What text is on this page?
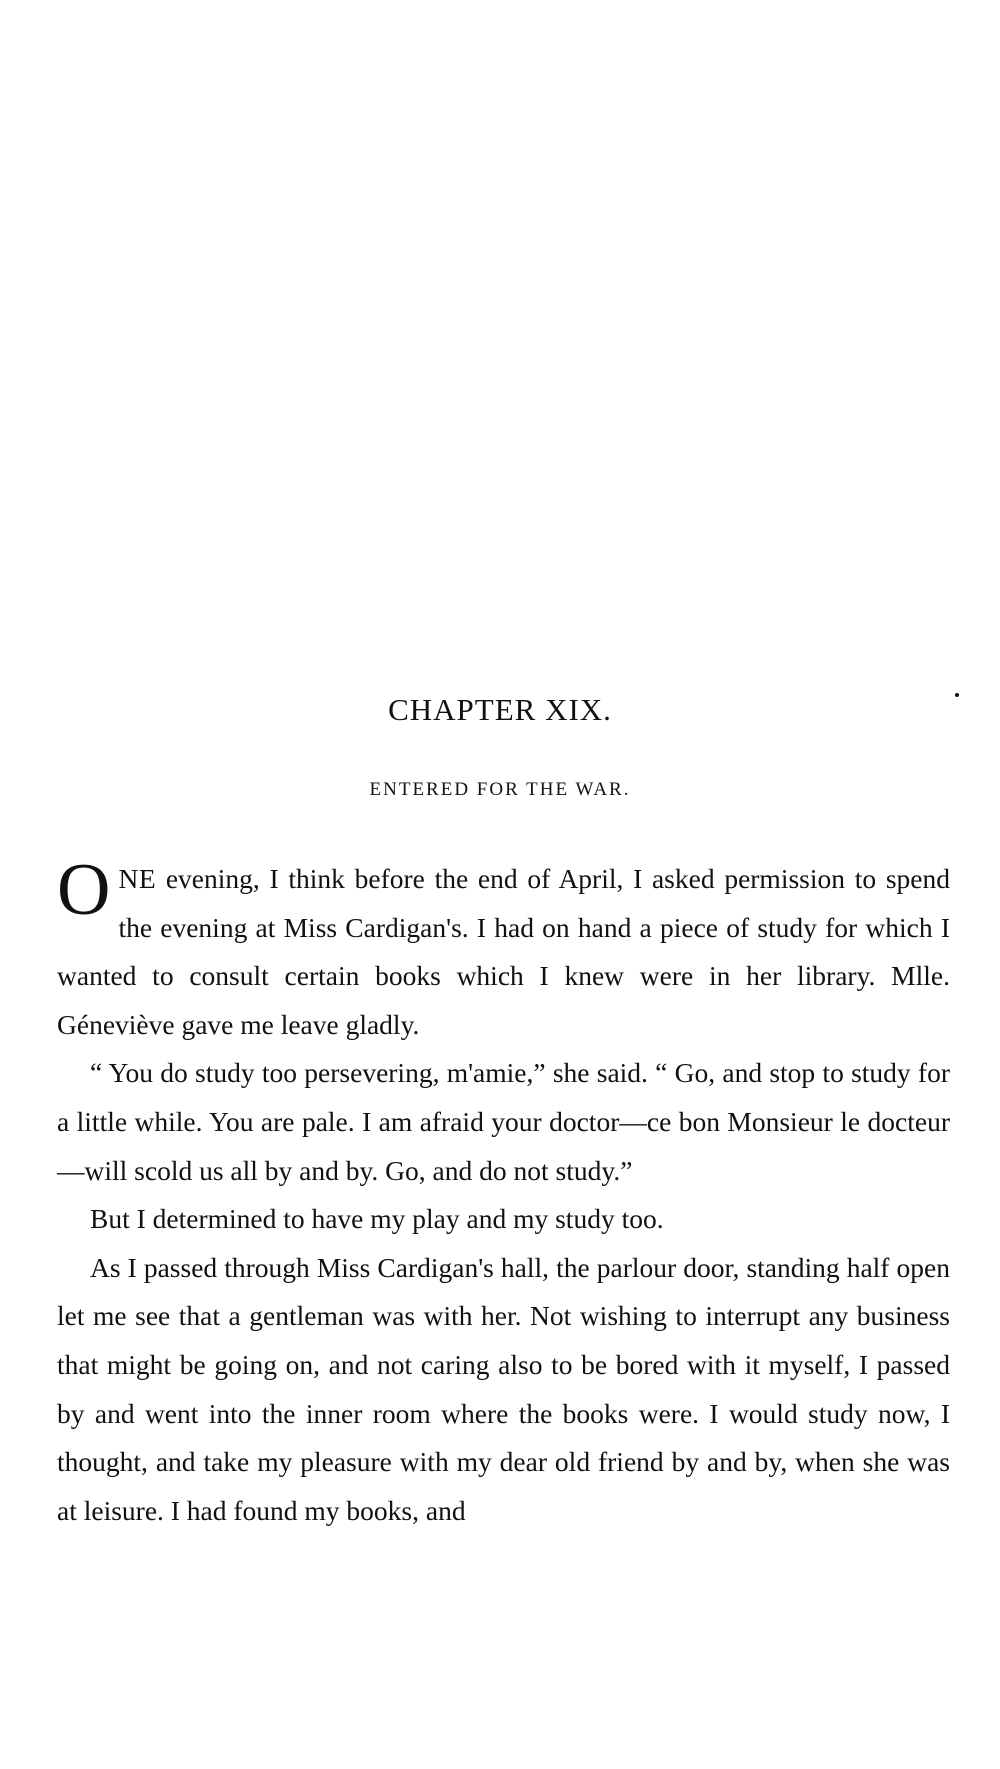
CHAPTER XIX.
ENTERED FOR THE WAR.

ONE evening, I think before the end of April, I asked permission to spend the evening at Miss Cardigan's. I had on hand a piece of study for which I wanted to consult certain books which I knew were in her library. Mlle. Géneviève gave me leave gladly.

“ You do study too persevering, m'amie,” she said. “ Go, and stop to study for a little while. You are pale. I am afraid your doctor—ce bon Monsieur le docteur—will scold us all by and by. Go, and do not study.”

But I determined to have my play and my study too.

As I passed through Miss Cardigan's hall, the parlour door, standing half open let me see that a gentleman was with her. Not wishing to interrupt any business that might be going on, and not caring also to be bored with it myself, I passed by and went into the inner room where the books were. I would study now, I thought, and take my pleasure with my dear old friend by and by, when she was at leisure. I had found my books, and
